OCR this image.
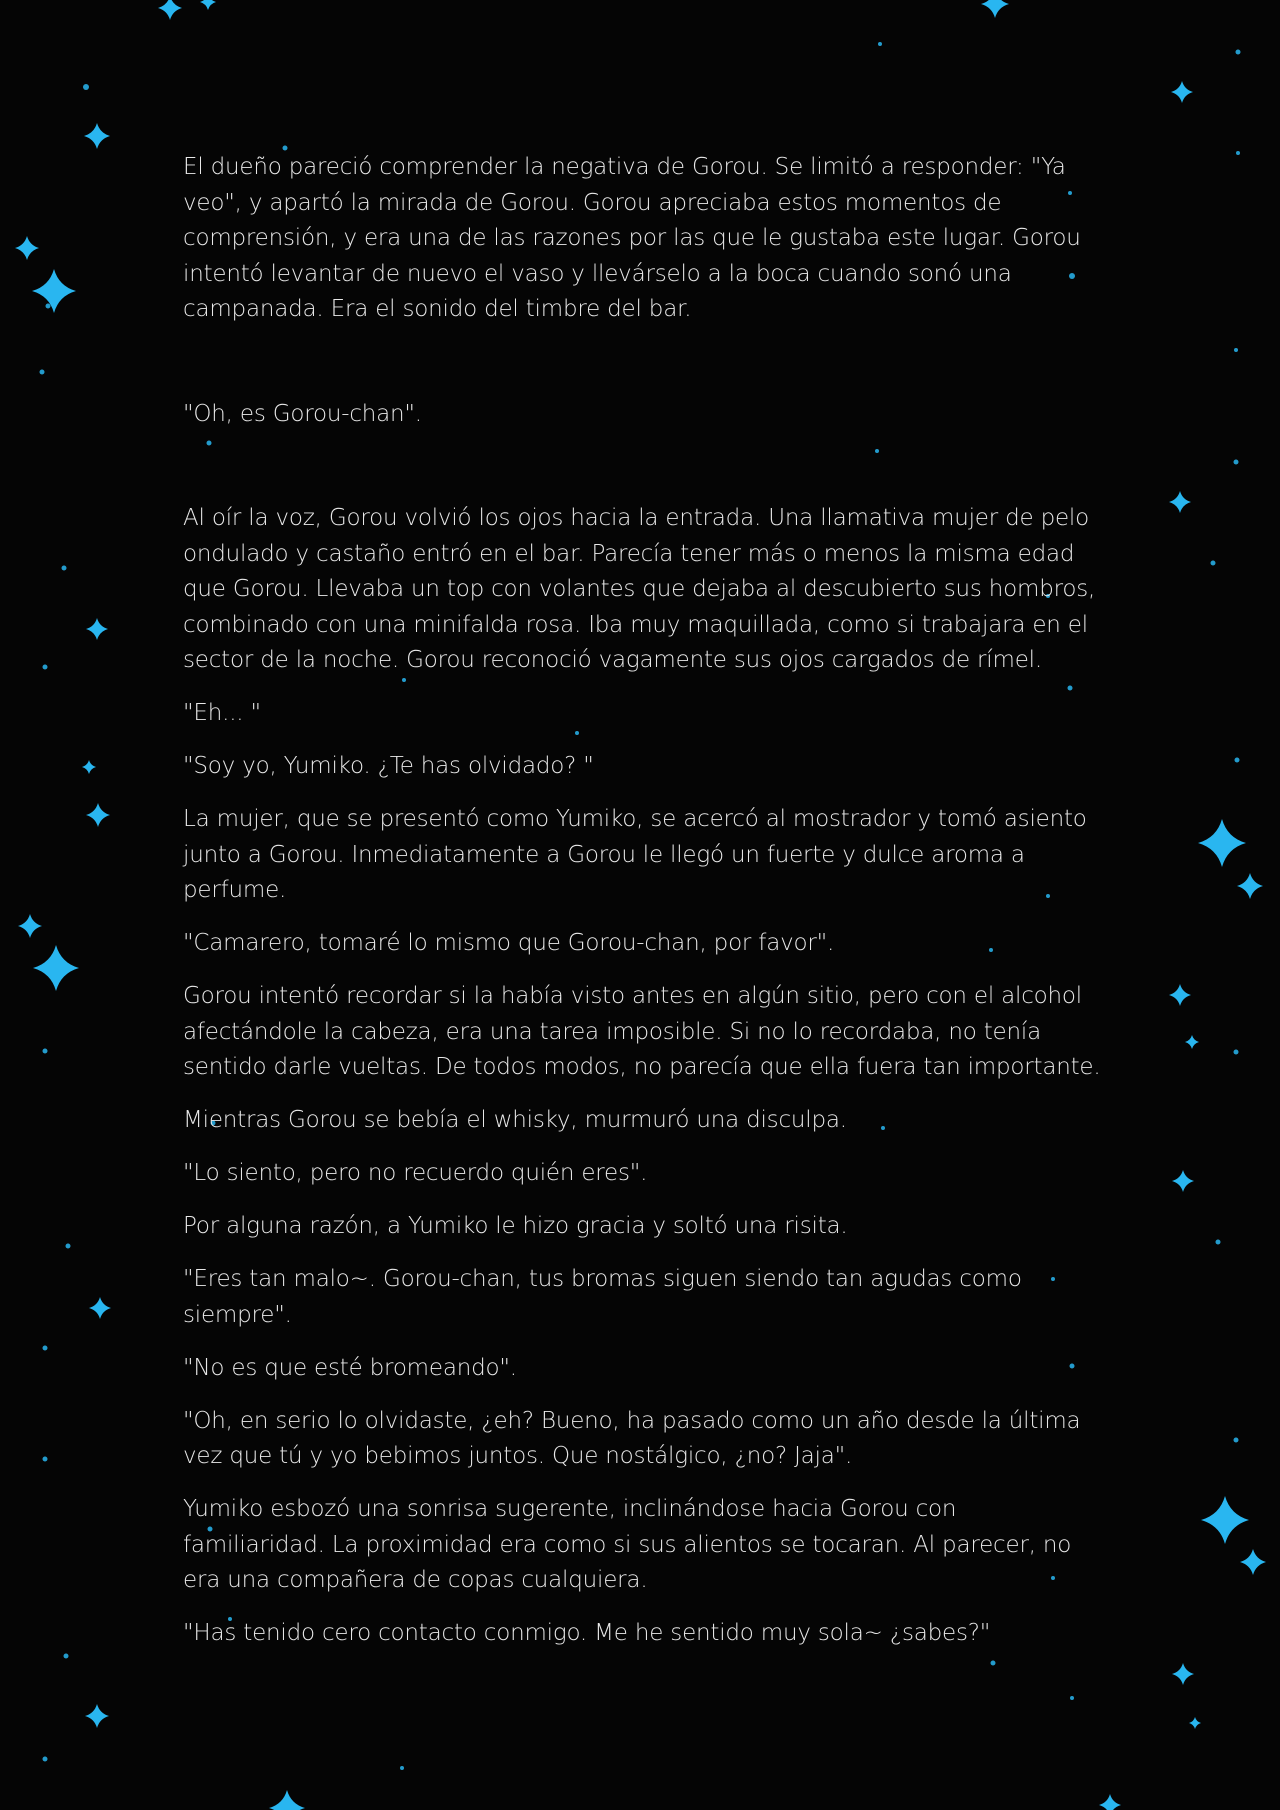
El dueño pareció comprender la negativa de Gorou. Se limitó a responder: "Ya veo", y apartó la mirada de Gorou. Gorou apreciaba estos momentos de comprensión, y era una de las razones por las que le gustaba este lugar. Gorou intentó levantar de nuevo el vaso y llevárselo a la boca cuando sonó una campanada. Era el sonido del timbre del bar.

"Oh, es Gorou-chan".

Al oír la voz, Gorou volvió los ojos hacia la entrada. Una llamativa mujer de pelo ondulado y castaño entró en el bar. Parecía tener más o menos la misma edad que Gorou. Llevaba un top con volantes que dejaba al descubierto sus hombros, combinado con una minifalda rosa. Iba muy maquillada, como si trabajara en el sector de la noche. Gorou reconoció vagamente sus ojos cargados de rímel.

"Eh... "

"Soy yo, Yumiko. ¿Te has olvidado? "

La mujer, que se presentó como Yumiko, se acercó al mostrador y tomó asiento junto a Gorou. Inmediatamente a Gorou le llegó un fuerte y dulce aroma a perfume.

"Camarero, tomaré lo mismo que Gorou-chan, por favor".

Gorou intentó recordar si la había visto antes en algún sitio, pero con el alcohol afectándole la cabeza, era una tarea imposible. Si no lo recordaba, no tenía sentido darle vueltas. De todos modos, no parecía que ella fuera tan importante.

Mientras Gorou se bebía el whisky, murmuró una disculpa.

"Lo siento, pero no recuerdo quién eres".

Por alguna razón, a Yumiko le hizo gracia y soltó una risita.

"Eres tan malo~. Gorou-chan, tus bromas siguen siendo tan agudas como siempre".

"No es que esté bromeando".

"Oh, en serio lo olvidaste, ¿eh? Bueno, ha pasado como un año desde la última vez que tú y yo bebimos juntos. Que nostálgico, ¿no? Jaja".

Yumiko esbozó una sonrisa sugerente, inclinándose hacia Gorou con familiaridad. La proximidad era como si sus alientos se tocaran. Al parecer, no era una compañera de copas cualquiera.

"Has tenido cero contacto conmigo. Me he sentido muy sola~ ¿sabes?"
